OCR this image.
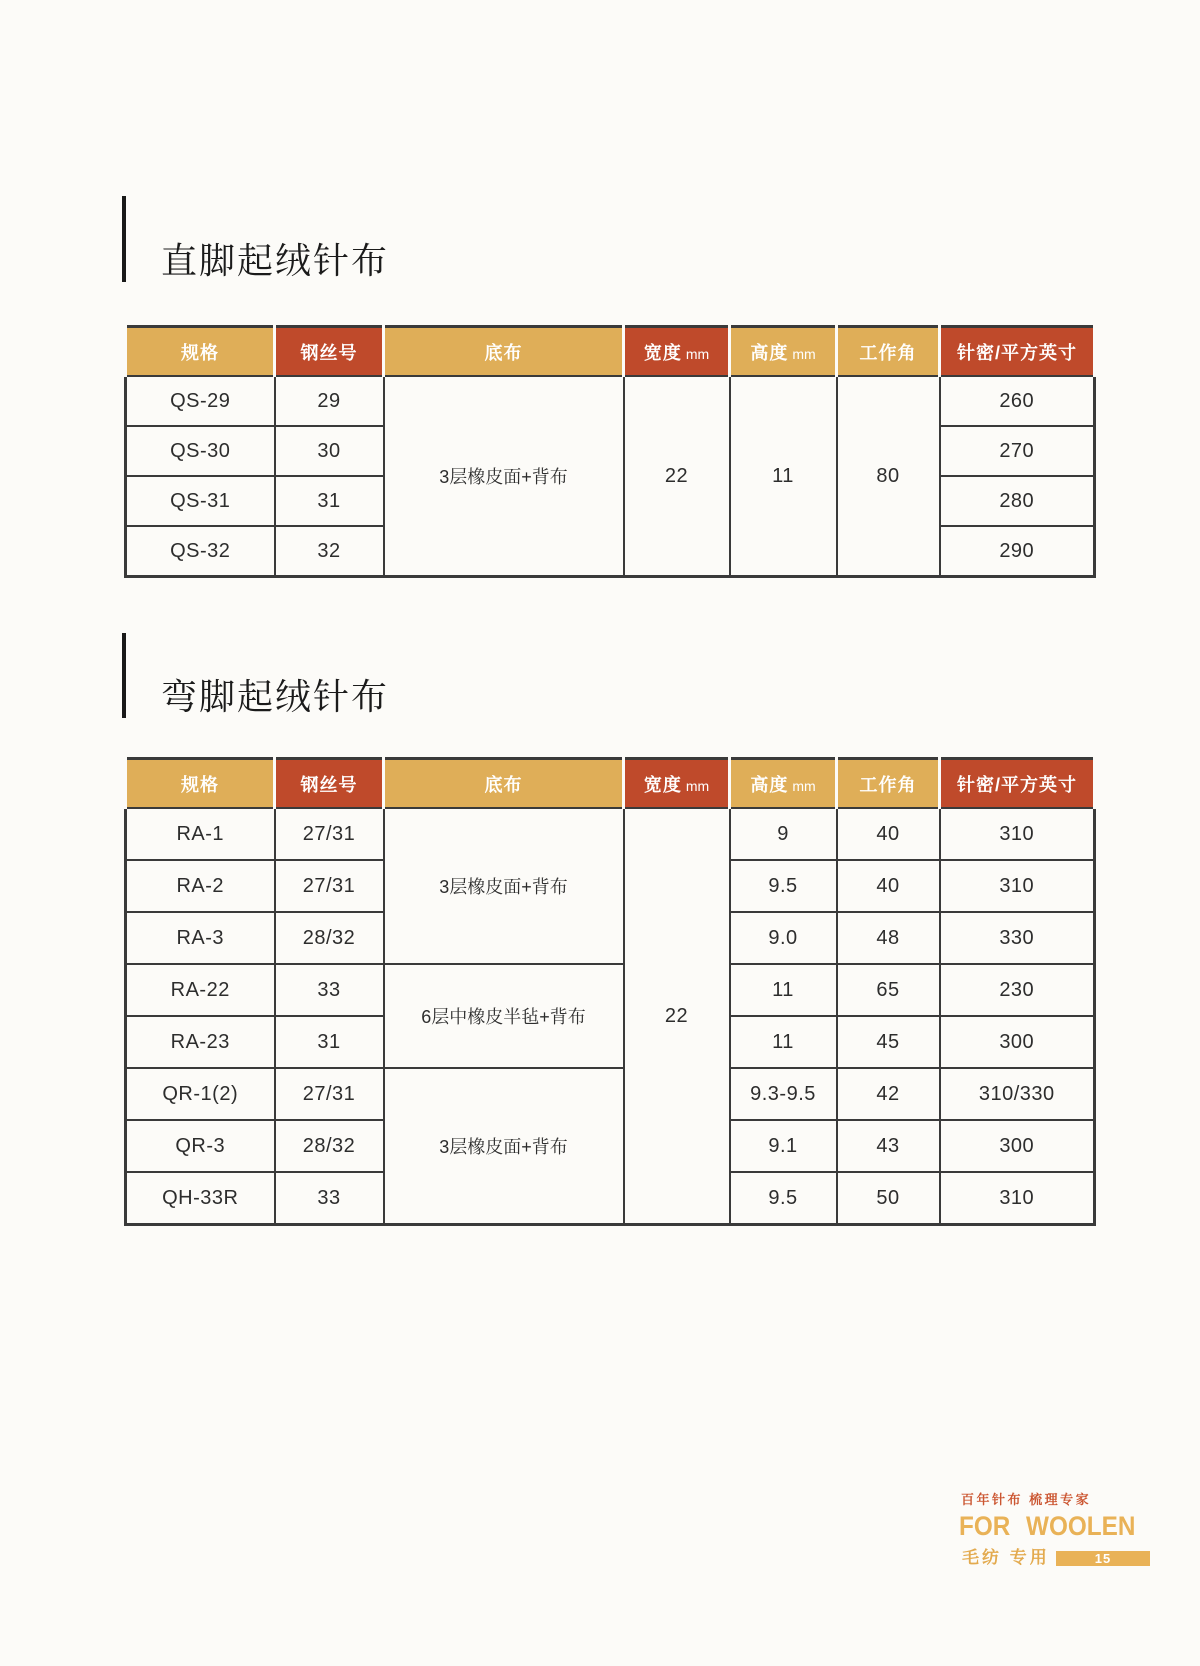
直脚起绒针布
规格	钢丝号	底布	宽度 mm	高度 mm	工作角	针密/平方英寸
QS-29	29	3层橡皮面+背布	22	11	80	260
QS-30	30					270
QS-31	31					280
QS-32	32					290
弯脚起绒针布
规格	钢丝号	底布	宽度 mm	高度 mm	工作角	针密/平方英寸
RA-1	27/31	3层橡皮面+背布	22	9	40	310
RA-2	27/31			9.5	40	310
RA-3	28/32			9.0	48	330
RA-22	33	6层中橡皮半毡+背布		11	65	230
RA-23	31			11	45	300
QR-1(2)	27/31	3层橡皮面+背布		9.3-9.5	42	310/330
QR-3	28/32			9.1	43	300
QH-33R	33			9.5	50	310
百年针布 梳理专家
FOR WOOLEN
毛纺 专用	15
